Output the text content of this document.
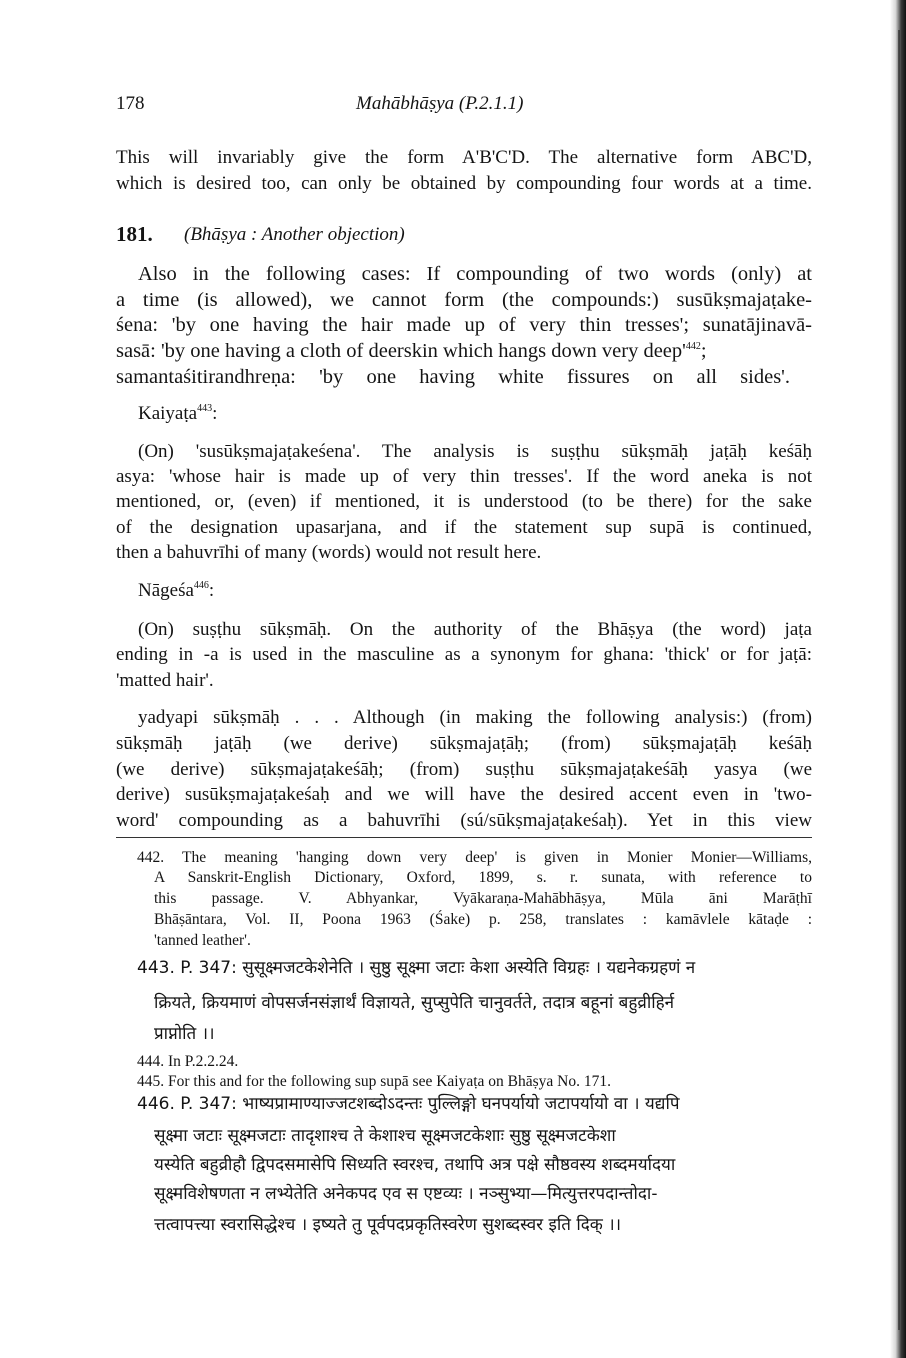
178	Mahābhāṣya (P.2.1.1)
This will invariably give the form A'B'C'D. The alternative form ABC'D,
which is desired too, can only be obtained by compounding four words at a time.
181. (Bhāṣya : Another objection)
Also in the following cases: If compounding of two words (only) at
a time (is allowed), we cannot form (the compounds:) susūkṣmajaṭake-
śena: 'by one having the hair made up of very thin tresses'; sunatājinavā-
sasā: 'by one having a cloth of deerskin which hangs down very $deep'^{442}$;
samantaśitirandhreṇa: 'by one having white fissures on all sides'.
Kaiyaṭa$^{443}$:
(On) 'susūkṣmajaṭakeśena'. The analysis is suṣṭhu sūkṣmāḥ jaṭāḥ keśāḥ
asya: 'whose hair is made up of very thin tresses'. If the word aneka is not
mentioned, or, (even) if mentioned, it is understood (to be there) for the sake
of the designation upasarjana, and if the statement sup supā is continued,
then a bahuvrīhi of many (words) would not result here.
Nāgeśa$^{446}$:
(On) suṣṭhu sūkṣmāḥ. On the authority of the Bhāṣya (the word) jaṭa
ending in -a is used in the masculine as a synonym for ghana: 'thick' or for jaṭā:
'matted hair'.
yadyapi sūkṣmāḥ . . . Although (in making the following analysis:) (from)
sūkṣmāḥ jaṭāḥ (we derive) sūkṣmajaṭāḥ; (from) sūkṣmajaṭāḥ keśāḥ
(we derive) sūkṣmajaṭakeśāḥ; (from) suṣṭhu sūkṣmajaṭakeśāḥ yasya (we
derive) susūkṣmajaṭakeśaḥ and we will have the desired accent even in 'two-
word' compounding as a bahuvrīhi (sú/sūkṣmajaṭakeśaḥ). Yet in this view
442. The meaning 'hanging down very deep' is given in Monier Monier—Williams,
A Sanskrit-English Dictionary, Oxford, 1899, s. r. sunata, with reference to
this passage. V. Abhyankar, Vyākaraṇa-Mahābhāṣya, Mūla āni Marāṭhī
Bhāṣāntara, Vol. II, Poona 1963 (Śake) p. 258, translates : kamāvlele kātaḍe :
'tanned leather'.
443. P. 347: सुसूक्ष्मजटकेशेनेति । सुष्ठु सूक्ष्मा जटाः केशा अस्येति विग्रहः । यद्यनेकग्रहणं न
क्रियते, क्रियमाणं वोपसर्जनसंज्ञार्थं विज्ञायते, सुप्सुपेति चानुवर्तते, तदात्र बहूनां बहुव्रीहिर्न
प्राप्नोति ।।
444. In P.2.2.24.
445. For this and for the following sup supā see Kaiyaṭa on Bhāṣya No. 171.
446. P. 347: भाष्यप्रामाण्याज्जटशब्दोऽदन्तः पुल्लिङ्गो घनपर्यायो जटापर्यायो वा । यद्यपि
सूक्ष्मा जटाः सूक्ष्मजटाः तादृशाश्च ते केशाश्च सूक्ष्मजटकेशाः सुष्ठु सूक्ष्मजटकेशा
यस्येति बहुव्रीहौ द्विपदसमासेपि सिध्यति स्वरश्च, तथापि अत्र पक्षे सौष्ठवस्य शब्दमर्यादया
सूक्ष्मविशेषणता न लभ्येतेति अनेकपद एव स एष्टव्यः । नञ्सुभ्या—मित्युत्तरपदान्तोदा-
त्तत्वापत्त्या स्वरासिद्धेश्च । इष्यते तु पूर्वपदप्रकृतिस्वरेण सुशब्दस्वर इति दिक् ।।
